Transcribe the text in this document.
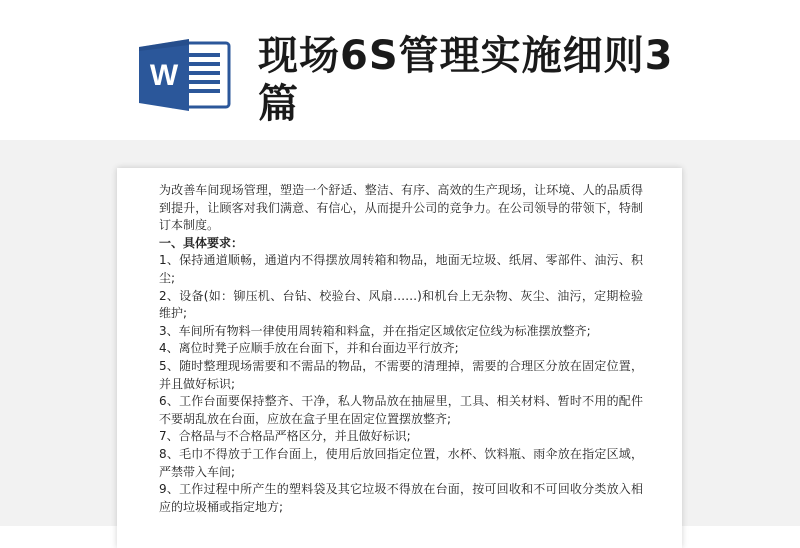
W 现场6S管理实施细则3篇

为改善车间现场管理，塑造一个舒适、整洁、有序、高效的生产现场，让环境、人的品质得到提升，让顾客对我们满意、有信心，从而提升公司的竞争力。在公司领导的带领下，特制订本制度。

一、具体要求：

1、保持通道顺畅，通道内不得摆放周转箱和物品，地面无垃圾、纸屑、零部件、油污、积尘;

2、设备(如：铆压机、台钻、校验台、风扇……)和机台上无杂物、灰尘、油污，定期检验维护;

3、车间所有物料一律使用周转箱和料盒，并在指定区域依定位线为标准摆放整齐;

4、离位时凳子应顺手放在台面下，并和台面边平行放齐;

5、随时整理现场需要和不需品的物品，不需要的清理掉，需要的合理区分放在固定位置，并且做好标识;

6、工作台面要保持整齐、干净，私人物品放在抽屉里，工具、相关材料、暂时不用的配件不要胡乱放在台面，应放在盒子里在固定位置摆放整齐;

7、合格品与不合格品严格区分，并且做好标识;

8、毛巾不得放于工作台面上，使用后放回指定位置，水杯、饮料瓶、雨伞放在指定区域，严禁带入车间;

9、工作过程中所产生的塑料袋及其它垃圾不得放在台面，按可回收和不可回收分类放入相应的垃圾桶或指定地方;
